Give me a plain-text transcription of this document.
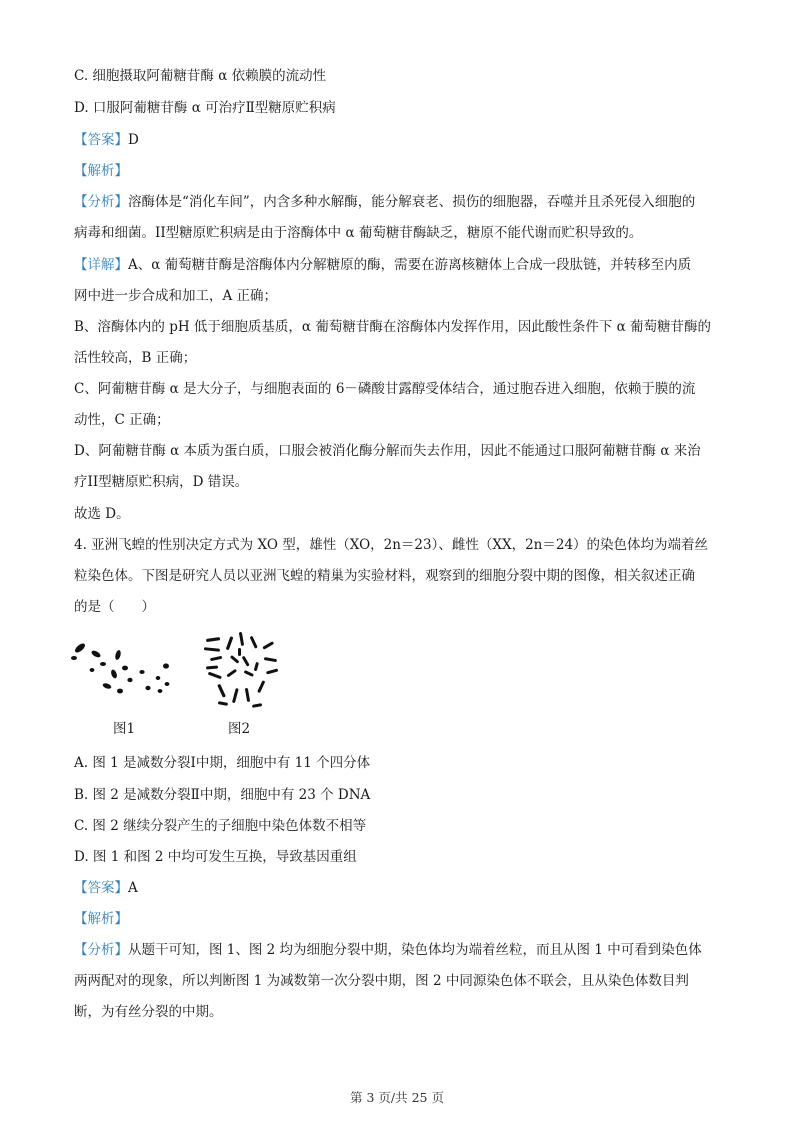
C. 细胞摄取阿葡糖苷酶 α 依赖膜的流动性
D. 口服阿葡糖苷酶 α 可治疗Ⅱ型糖原贮积病
【答案】D
【解析】
【分析】溶酶体是“消化车间”，内含多种水解酶，能分解衰老、损伤的细胞器，吞噬并且杀死侵入细胞的
病毒和细菌。II型糖原贮积病是由于溶酶体中 α 葡萄糖苷酶缺乏，糖原不能代谢而贮积导致的。
【详解】A、α 葡萄糖苷酶是溶酶体内分解糖原的酶，需要在游离核糖体上合成一段肽链，并转移至内质
网中进一步合成和加工，A 正确；
B、溶酶体内的 pH 低于细胞质基质，α 葡萄糖苷酶在溶酶体内发挥作用，因此酸性条件下 α 葡萄糖苷酶的
活性较高，B 正确；
C、阿葡糖苷酶 α 是大分子，与细胞表面的 6－磷酸甘露醇受体结合，通过胞吞进入细胞，依赖于膜的流
动性，C 正确；
D、阿葡糖苷酶 α 本质为蛋白质，口服会被消化酶分解而失去作用，因此不能通过口服阿葡糖苷酶 α 来治
疗II型糖原贮积病，D 错误。
故选 D。
4. 亚洲飞蝗的性别决定方式为 XO 型，雄性（XO，2n＝23）、雌性（XX，2n＝24）的染色体均为端着丝
粒染色体。下图是研究人员以亚洲飞蝗的精巢为实验材料，观察到的细胞分裂中期的图像，相关叙述正确
的是（　　）
图1	图2
A. 图 1 是减数分裂Ⅰ中期，细胞中有 11 个四分体
B. 图 2 是减数分裂Ⅱ中期，细胞中有 23 个 DNA
C. 图 2 继续分裂产生的子细胞中染色体数不相等
D. 图 1 和图 2 中均可发生互换，导致基因重组
【答案】A
【解析】
【分析】从题干可知，图 1、图 2 均为细胞分裂中期，染色体均为端着丝粒，而且从图 1 中可看到染色体
两两配对的现象，所以判断图 1 为减数第一次分裂中期，图 2 中同源染色体不联会，且从染色体数目判
断，为有丝分裂的中期。
第 3 页/共 25 页
